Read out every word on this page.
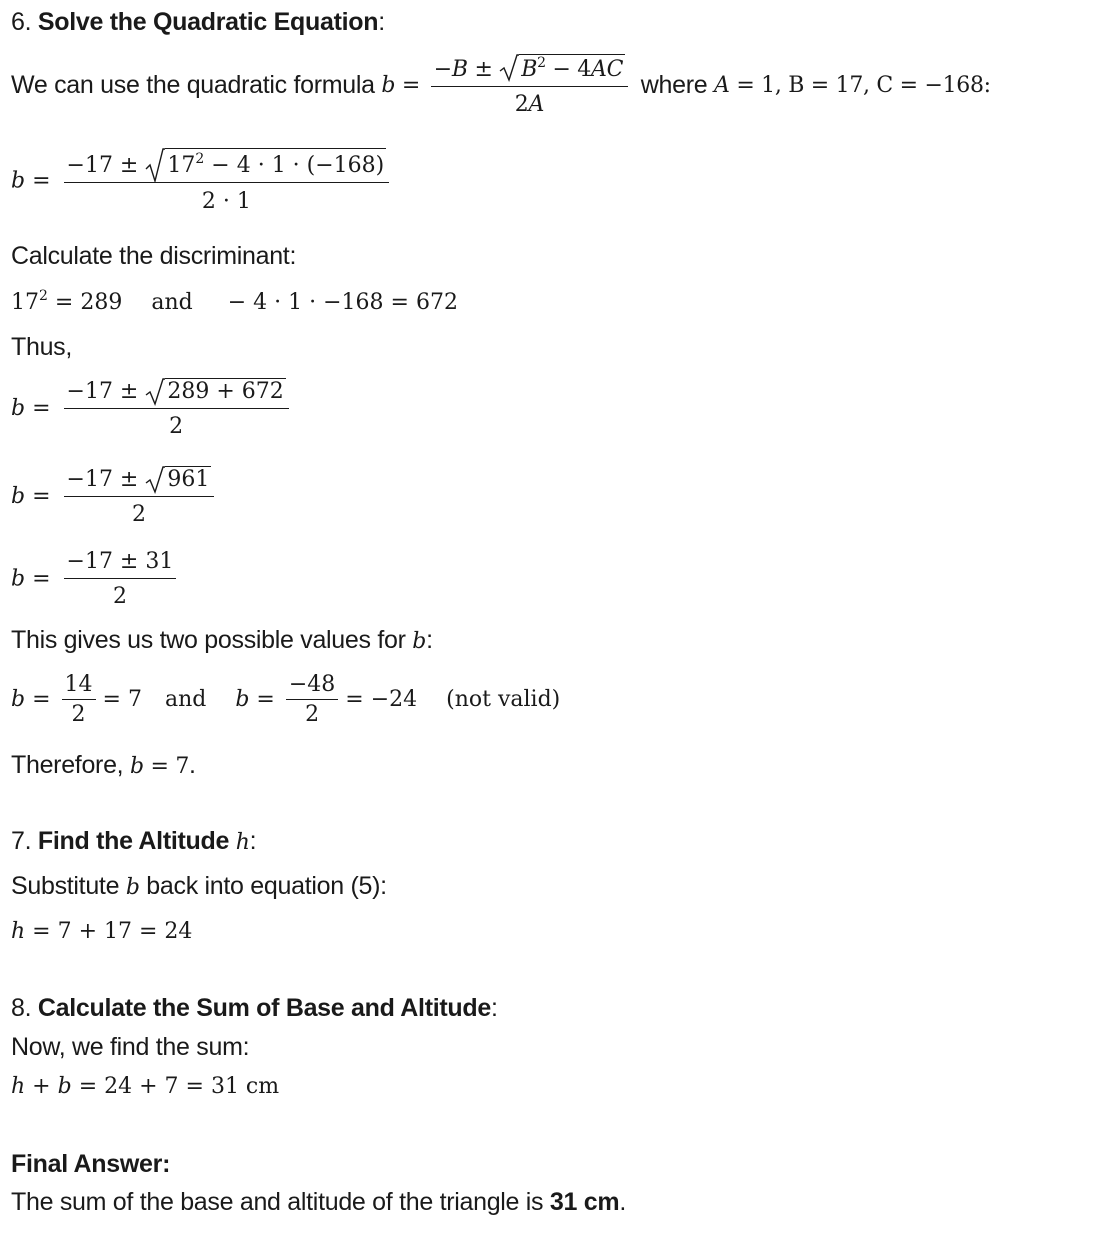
6. Solve the Quadratic Equation:
We can use the quadratic formula b = −B ±
$B^2 - 4AC$
2A where A = 1, B = 17, C = −168:
b = −17 ±
$17^2 - 4 \cdot 1 \cdot (-168)$
2 · 1
Calculate the discriminant:
$17^2 = 289$ and − 4 · 1 · −168 = 672
Thus,
b = −17 ±
289 + 672
2
b = −17 ±
961
2
$b = \frac{-17 \pm 31}{2}$
This gives us two possible values for b:
$b = \frac{14}{2} = 7$ and $b = \frac{-48}{2} = -24$ (not valid)
Therefore, b = 7.
7. Find the Altitude h:
Substitute b back into equation (5):
h = 7 + 17 = 24
8. Calculate the Sum of Base and Altitude:
Now, we find the sum:
h + b = 24 + 7 = 31 cm
Final Answer:
The sum of the base and altitude of the triangle is 31 cm.
